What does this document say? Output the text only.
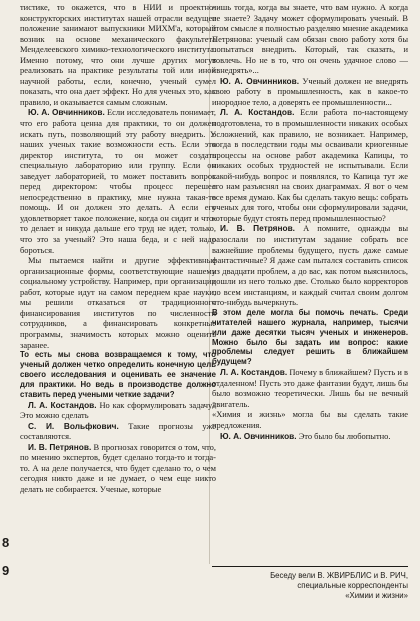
8
9

тистике, то окажется, что в НИИ и проектно-конструкторских институтах нашей отрасли ведущее положение занимают выпускники МИХМ'а, который возник на основе механического факультета Менделеевского химико-технологического института. Именно потому, что они лучше других могут реализовать на практике результаты той или иной научной работы, если, конечно, ученый сумел показать, что она дает эффект. Но для ученых это, как правило, и оказывается самым сложным.

Ю. А. Овчинников. Если исследователь понимает, что его работа ценна для практики, то он должен искать путь, позволяющий эту работу внедрить. У наших ученых такие возможности есть. Если это директор института, то он может создать специальную лабораторию или группу. Если он заведует лабораторией, то может поставить вопрос перед директором: чтобы процесс перешел непосредственно в практику, мне нужна такая-то помощь. И он должен это делать. А если его удовлетворяет такое положение, когда он сидит и что-то делает и никуда дальше его труд не идет, только, что это за ученый? Это наша беда, и с ней надо бороться.

Мы пытаемся найти и другие эффективные организационные формы, соответствующие нашему социальному устройству. Например, при организации работ, которые идут на самом переднем крае науки, мы решили отказаться от традиционного финансирования институтов по численности сотрудников, а финансировать конкретные программы, значимость которых можно оценить заранее.

То есть мы снова возвращаемся к тому, что ученый должен четко определить конечную цель своего исследования и оценивать ее значение для практики. Но ведь в производстве должно ставить перед учеными четкие задачи?

Л. А. Костандов. Но как сформулировать задачу? Это можно сделать

С. И. Вольфкович. Такие прогнозы уже составляются.

И. В. Петрянов. В прогнозах говорится о том, что, по мнению экспертов, будет сделано тогда-то и тогда-то. А на деле получается, что будет сделано то, о чем сегодня никто даже и не думает, о чем еще никто делать не собирается. Ученые, которые

лишь тогда, когда вы знаете, что вам нужно. А когда не знаете? Задачу может сформулировать ученый. В этом смысле я полностью разделяю мнение академика Петрянова: ученый сам обязан свою работу хотя бы попытаться внедрить. Который, так сказать, и вовлечь. Но не в то, что он очень удачное слово — «внедрять»...

Ю. А. Овчинников. Ученый должен не внедрять свою работу в промышленность, как в какое-то инородное тело, а доверять ее промышленности...

Л. А. Костандов. Если работа по-настоящему подготовлена, то в промышленности никаких особых осложнений, как правило, не возникает. Например, когда в последствии годы мы осваивали криогенные процессы на основе работ академика Капицы, то никаких особых трудностей не испытывали. Если какой-нибудь вопрос и появлялся, то Капица тут же его нам разъяснял на своих диаграммах. Я вот о чем все время думаю. Как бы сделать такую вещь: собрать ученых для того, чтобы они сформулировали задачи, которые будут стоять перед промышленностью?

И. В. Петрянов. А помните, однажды вы разослали по институтам задание собрать все важнейшие проблемы будущего, пусть даже самые фантастичные? Я даже сам пытался составить список из двадцати проблем, а до вас, как потом выяснилось, дошли из него только две. Столько было корректоров по всем инстанциям, и каждый считал своим долгом что-нибудь вычеркнуть.

В этом деле могла бы помочь печать. Среди читателей нашего журнала, например, тысячи или даже десятки тысяч ученых и инженеров. Можно было бы задать им вопрос: какие проблемы следует решить в ближайшем будущем?

Л. А. Костандов. Почему в ближайшем? Пусть и в отдаленном! Пусть это даже фантазии будут, лишь бы было возможно теоретически. Лишь бы не вечный двигатель.

«Химия и жизнь» могла бы вы сделать такие предложения.

Ю. А. Овчинников. Это было бы любопытно.

Беседу вели В. ЖВИРБЛИС и В. РИЧ,
специальные корреспонденты
«Химии и жизни»
